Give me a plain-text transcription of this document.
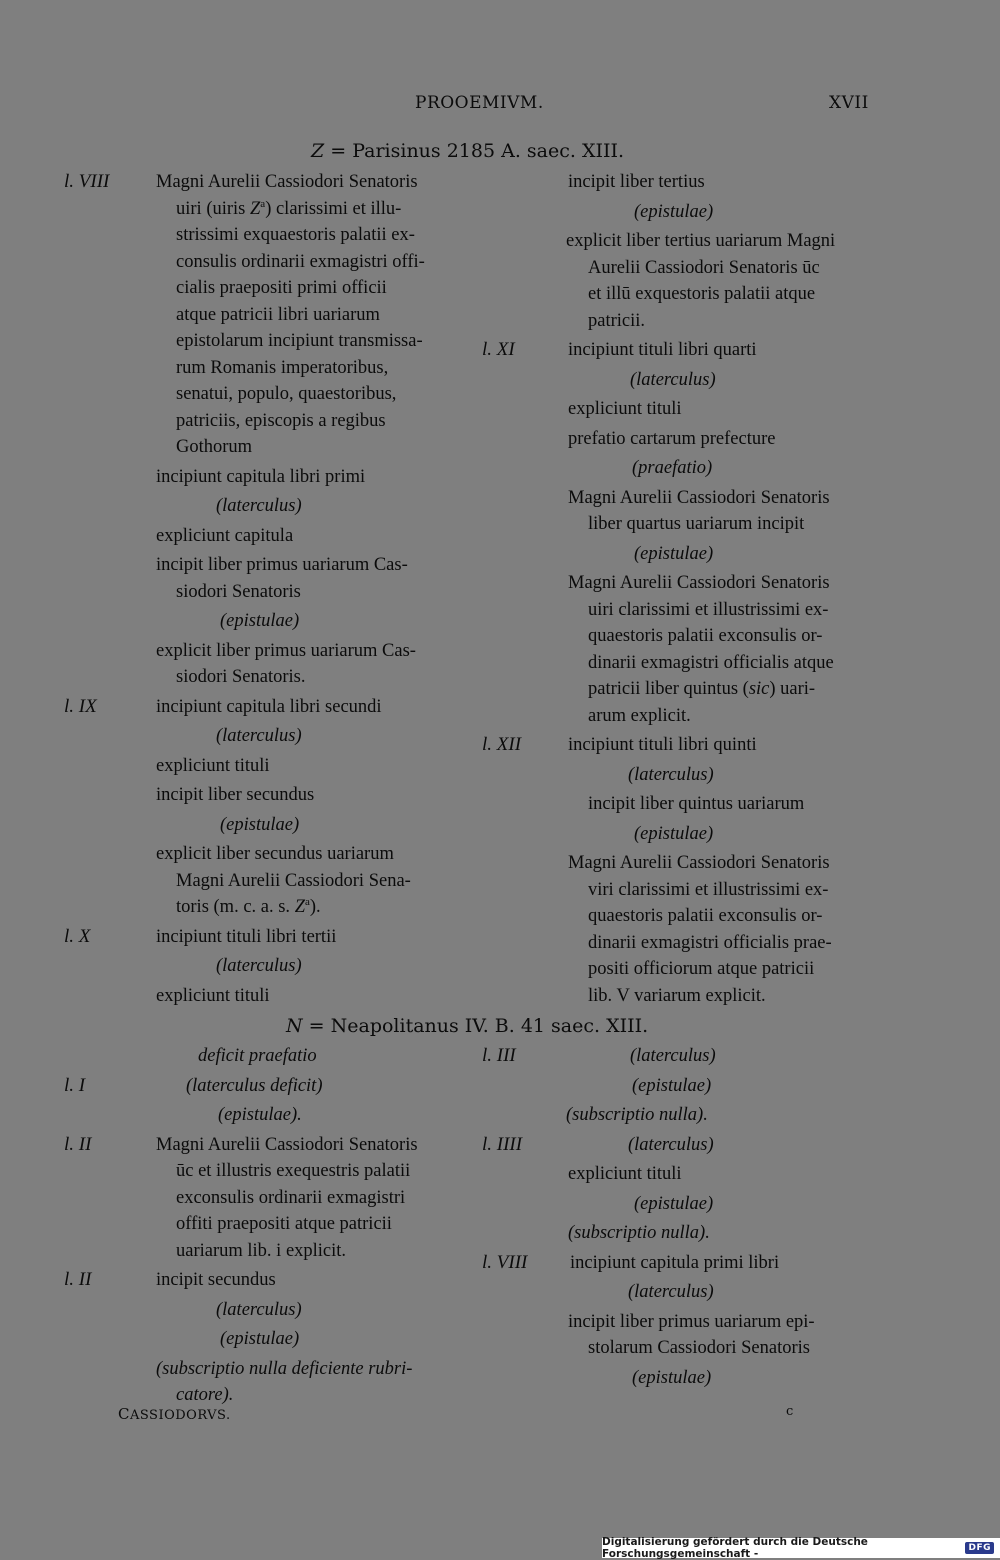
PROOEMIVM.	XVII
Z = Parisinus 2185 A. saec. XIII.
l. VIII	Magni Aurelii Cassiodori Senatoris
uiri (uiris $Z^a$) clarissimi et illu-
strissimi exquaestoris palatii ex-
consulis ordinarii exmagistri offi-
cialis praepositi primi officii
atque patricii libri uariarum
epistolarum incipiunt transmissa-
rum Romanis imperatoribus,
senatui, populo, quaestoribus,
patriciis, episcopis a regibus
Gothorum
incipiunt capitula libri primi
(laterculus)
expliciunt capitula
incipit liber primus uariarum Cas-
siodori Senatoris
(epistulae)
explicit liber primus uariarum Cas-
siodori Senatoris.
l. IX	incipiunt capitula libri secundi
(laterculus)
expliciunt tituli
incipit liber secundus
(epistulae)
explicit liber secundus uariarum
Magni Aurelii Cassiodori Sena-
toris (m. c. a. s. $Z^a$).
l. X	incipiunt tituli libri tertii
(laterculus)
expliciunt tituli
incipit liber tertius
(epistulae)
explicit liber tertius uariarum Magni
Aurelii Cassiodori Senatoris ūc
et illū exquestoris palatii atque
patricii.
l. XI	incipiunt tituli libri quarti
(laterculus)
expliciunt tituli
prefatio cartarum prefecture
(praefatio)
Magni Aurelii Cassiodori Senatoris
liber quartus uariarum incipit
(epistulae)
Magni Aurelii Cassiodori Senatoris
uiri clarissimi et illustrissimi ex-
quaestoris palatii exconsulis or-
dinarii exmagistri officialis atque
patricii liber quintus (sic) uari-
arum explicit.
l. XII	incipiunt tituli libri quinti
(laterculus)
incipit liber quintus uariarum
(epistulae)
Magni Aurelii Cassiodori Senatoris
viri clarissimi et illustrissimi ex-
quaestoris palatii exconsulis or-
dinarii exmagistri officialis prae-
positi officiorum atque patricii
lib. V variarum explicit.
N = Neapolitanus IV. B. 41 saec. XIII.
deficit praefatio
l. I	(laterculus deficit)
(epistulae).
l. II	Magni Aurelii Cassiodori Senatoris
ūc et illustris exequestris palatii
exconsulis ordinarii exmagistri
offiti praepositi atque patricii
uariarum lib. i explicit.
l. II	incipit secundus
(laterculus)
(epistulae)
(subscriptio nulla deficiente rubri-
catore).
l. III	(laterculus)
(epistulae)
(subscriptio nulla).
l. IIII	(laterculus)
expliciunt tituli
(epistulae)
(subscriptio nulla).
l. VIII incipiunt capitula primi libri
(laterculus)
incipit liber primus uariarum epi-
stolarum Cassiodori Senatoris
(epistulae)
CASSIODORVS.	c
Digitalisierung gefördert durch die Deutsche Forschungsgemeinschaft -	DFG
